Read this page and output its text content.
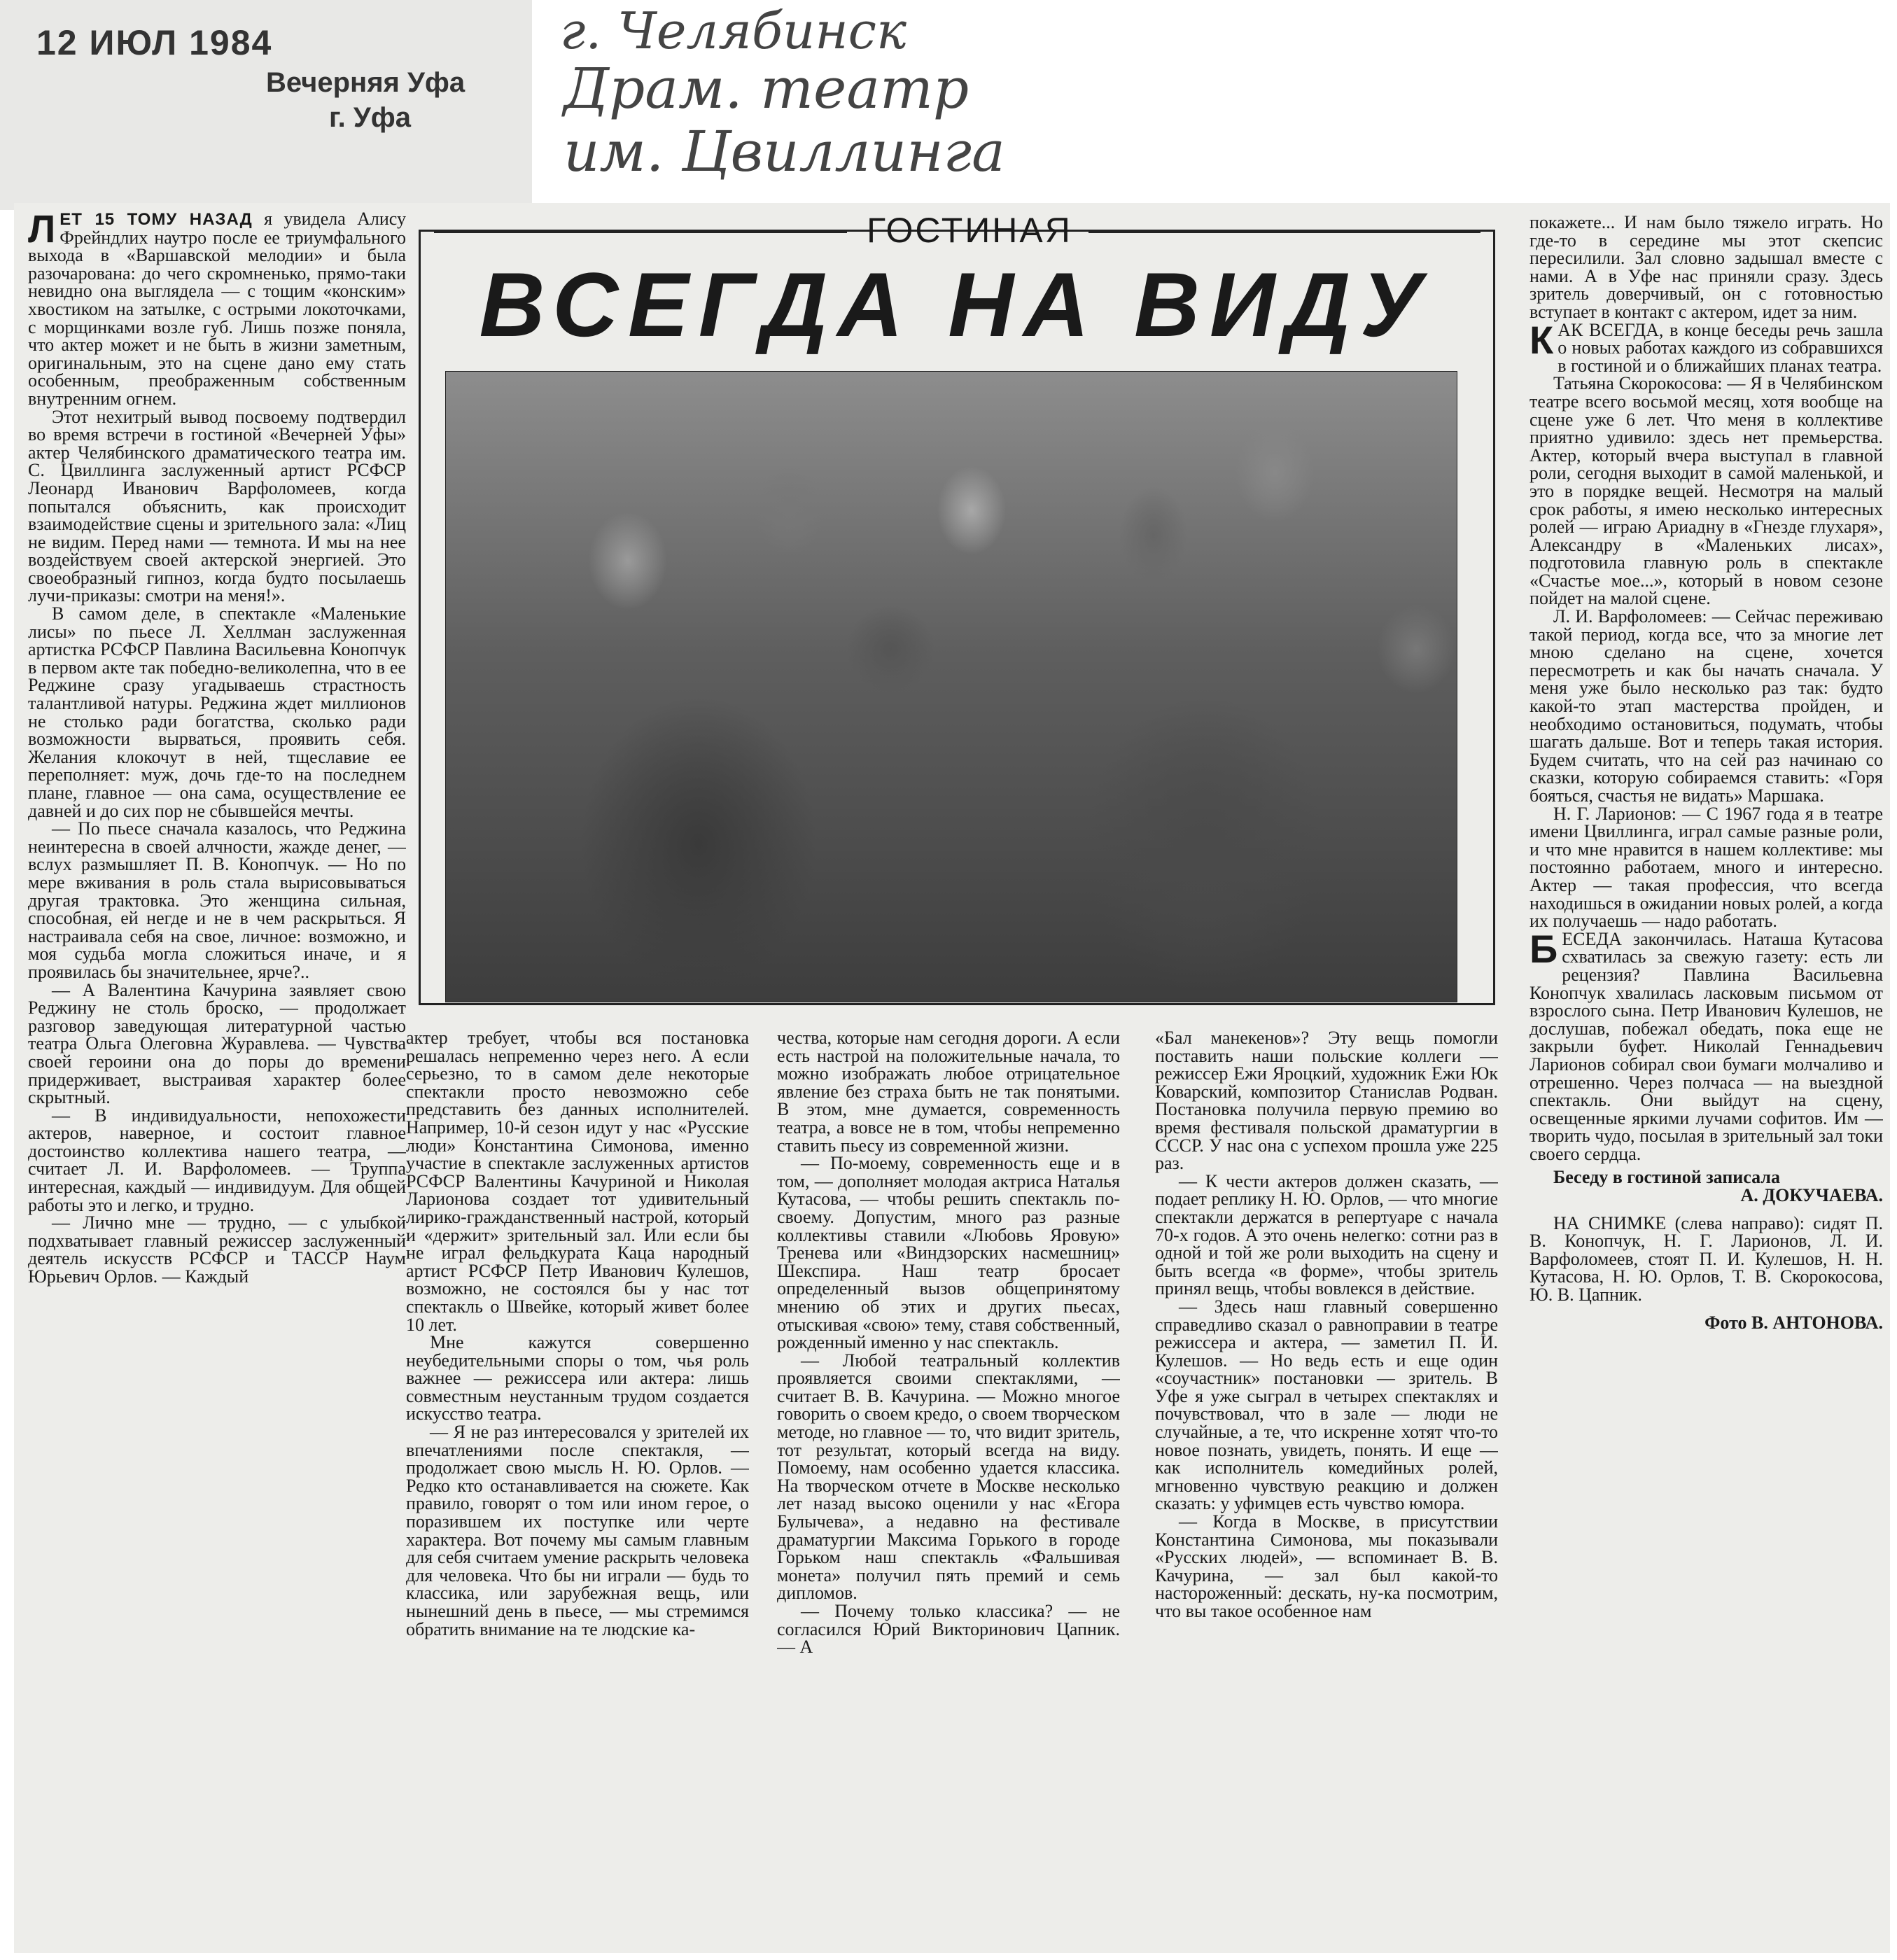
12 ИЮЛ 1984
Вечерняя Уфа
г. Уфа
г. Челябинск
Драм. театр
им. Цвиллинга
ГОСТИНАЯ
ВСЕГДА НА ВИДУ

ЛЕТ 15 ТОМУ НАЗАД я увидела Алису Фрейндлих наутро после ее триумфального выхода в «Варшавской мелодии» и была разочарована: до чего скромненько, прямо-таки невидно она выглядела — с тощим «конским» хвостиком на затылке, с острыми локоточками, с морщинками возле губ. Лишь позже поняла, что актер может и не быть в жизни заметным, оригинальным, это на сцене дано ему стать особенным, преображенным собственным внутренним огнем.

Этот нехитрый вывод посвоему подтвердил во время встречи в гостиной «Вечерней Уфы» актер Челябинского драматического театра им. С. Цвиллинга заслуженный артист РСФСР Леонард Иванович Варфоломеев, когда попытался объяснить, как происходит взаимодействие сцены и зрительного зала: «Лиц не видим. Перед нами — темнота. И мы на нее воздействуем своей актерской энергией. Это своеобразный гипноз, когда будто посылаешь лучи-приказы: смотри на меня!».

В самом деле, в спектакле «Маленькие лисы» по пьесе Л. Хеллман заслуженная артистка РСФСР Павлина Васильевна Конопчук в первом акте так победно-великолепна, что в ее Реджине сразу угадываешь страстность талантливой натуры. Реджина ждет миллионов не столько ради богатства, сколько ради возможности вырваться, проявить себя. Желания клокочут в ней, тщеславие ее переполняет: муж, дочь где-то на последнем плане, главное — она сама, осуществление ее давней и до сих пор не сбывшейся мечты.

— По пьесе сначала казалось, что Реджина неинтересна в своей алчности, жажде денег, — вслух размышляет П. В. Конопчук. — Но по мере вживания в роль стала вырисовываться другая трактовка. Это женщина сильная, способная, ей негде и не в чем раскрыться. Я настраивала себя на свое, личное: возможно, и моя судьба могла сложиться иначе, и я проявилась бы значительнее, ярче?..

— А Валентина Качурина заявляет свою Реджину не столь броско, — продолжает разговор заведующая литературной частью театра Ольга Олеговна Журавлева. — Чувства своей героини она до поры до времени придерживает, выстраивая характер более скрытный.

— В индивидуальности, непохожести актеров, наверное, и состоит главное достоинство коллектива нашего театра, — считает Л. И. Варфоломеев. — Труппа интересная, каждый — индивидуум. Для общей работы это и легко, и трудно.

— Лично мне — трудно, — с улыбкой подхватывает главный режиссер заслуженный деятель искусств РСФСР и ТАССР Наум Юрьевич Орлов. — Каждый

актер требует, чтобы вся постановка решалась непременно через него. А если серьезно, то в самом деле некоторые спектакли просто невозможно себе представить без данных исполнителей. Например, 10-й сезон идут у нас «Русские люди» Константина Симонова, именно участие в спектакле заслуженных артистов РСФСР Валентины Качуриной и Николая Ларионова создает тот удивительный лирико-гражданственный настрой, который и «держит» зрительный зал. Или если бы не играл фельдкурата Каца народный артист РСФСР Петр Иванович Кулешов, возможно, не состоялся бы у нас тот спектакль о Швейке, который живет более 10 лет.

Мне кажутся совершенно неубедительными споры о том, чья роль важнее — режиссера или актера: лишь совместным неустанным трудом создается искусство театра.

— Я не раз интересовался у зрителей их впечатлениями после спектакля, — продолжает свою мысль Н. Ю. Орлов. — Редко кто останавливается на сюжете. Как правило, говорят о том или ином герое, о поразившем их поступке или черте характера. Вот почему мы самым главным для себя считаем умение раскрыть человека для человека. Что бы ни играли — будь то классика, или зарубежная вещь, или нынешний день в пьесе, — мы стремимся обратить внимание на те людские ка-

чества, которые нам сегодня дороги. А если есть настрой на положительные начала, то можно изображать любое отрицательное явление без страха быть не так понятыми. В этом, мне думается, современность театра, а вовсе не в том, чтобы непременно ставить пьесу из современной жизни.

— По-моему, современность еще и в том, — дополняет молодая актриса Наталья Кутасова, — чтобы решить спектакль по-своему. Допустим, много раз разные коллективы ставили «Любовь Яровую» Тренева или «Виндзорских насмешниц» Шекспира. Наш театр бросает определенный вызов общепринятому мнению об этих и других пьесах, отыскивая «свою» тему, ставя собственный, рожденный именно у нас спектакль.

— Любой театральный коллектив проявляется своими спектаклями, — считает В. В. Качурина. — Можно многое говорить о своем кредо, о своем творческом методе, но главное — то, что видит зритель, тот результат, который всегда на виду. Помоему, нам особенно удается классика. На творческом отчете в Москве несколько лет назад высоко оценили у нас «Егора Булычева», а недавно на фестивале драматургии Максима Горького в городе Горьком наш спектакль «Фальшивая монета» получил пять премий и семь дипломов.

— Почему только классика? — не согласился Юрий Викторинович Цапник. — А

«Бал манекенов»? Эту вещь помогли поставить наши польские коллеги — режиссер Ежи Яроцкий, художник Ежи Юк Коварский, композитор Станислав Родван. Постановка получила первую премию во время фестиваля польской драматургии в СССР. У нас она с успехом прошла уже 225 раз.

— К чести актеров должен сказать, — подает реплику Н. Ю. Орлов, — что многие спектакли держатся в репертуаре с начала 70-х годов. А это очень нелегко: сотни раз в одной и той же роли выходить на сцену и быть всегда «в форме», чтобы зритель принял вещь, чтобы вовлекся в действие.

— Здесь наш главный совершенно справедливо сказал о равноправии в театре режиссера и актера, — заметил П. И. Кулешов. — Но ведь есть и еще один «соучастник» постановки — зритель. В Уфе я уже сыграл в четырех спектаклях и почувствовал, что в зале — люди не случайные, а те, что искренне хотят что-то новое познать, увидеть, понять. И еще — как исполнитель комедийных ролей, мгновенно чувствую реакцию и должен сказать: у уфимцев есть чувство юмора.

— Когда в Москве, в присутствии Константина Симонова, мы показывали «Русских людей», — вспоминает В. В. Качурина, — зал был какой-то настороженный: дескать, ну-ка посмотрим, что вы такое особенное нам

покажете... И нам было тяжело играть. Но где-то в середине мы этот скепсис пересилили. Зал словно задышал вместе с нами. А в Уфе нас приняли сразу. Здесь зритель доверчивый, он с готовностью вступает в контакт с актером, идет за ним.

КАК ВСЕГДА, в конце беседы речь зашла о новых работах каждого из собравшихся в гостиной и о ближайших планах театра.

Татьяна Скорокосова: — Я в Челябинском театре всего восьмой месяц, хотя вообще на сцене уже 6 лет. Что меня в коллективе приятно удивило: здесь нет премьерства. Актер, который вчера выступал в главной роли, сегодня выходит в самой маленькой, и это в порядке вещей. Несмотря на малый срок работы, я имею несколько интересных ролей — играю Ариадну в «Гнезде глухаря», Александру в «Маленьких лисах», подготовила главную роль в спектакле «Счастье мое...», который в новом сезоне пойдет на малой сцене.

Л. И. Варфоломеев: — Сейчас переживаю такой период, когда все, что за многие лет мною сделано на сцене, хочется пересмотреть и как бы начать сначала. У меня уже было несколько раз так: будто какой-то этап мастерства пройден, и необходимо остановиться, подумать, чтобы шагать дальше. Вот и теперь такая история. Будем считать, что на сей раз начинаю со сказки, которую собираемся ставить: «Горя бояться, счастья не видать» Маршака.

Н. Г. Ларионов: — С 1967 года я в театре имени Цвиллинга, играл самые разные роли, и что мне нравится в нашем коллективе: мы постоянно работаем, много и интересно. Актер — такая профессия, что всегда находишься в ожидании новых ролей, а когда их получаешь — надо работать.

БЕСЕДА закончилась. Наташа Кутасова схватилась за свежую газету: есть ли рецензия? Павлина Васильевна Конопчук хвалилась ласковым письмом от взрослого сына. Петр Иванович Кулешов, не дослушав, побежал обедать, пока еще не закрыли буфет. Николай Геннадьевич Ларионов собирал свои бумаги молчаливо и отрешенно. Через полчаса — на выездной спектакль. Они выйдут на сцену, освещенные яркими лучами софитов. Им — творить чудо, посылая в зрительный зал токи своего сердца.

Беседу в гостиной записала

А. ДОКУЧАЕВА.

НА СНИМКЕ (слева направо): сидят П. В. Конопчук, Н. Г. Ларионов, Л. И. Варфоломеев, стоят П. И. Кулешов, Н. Н. Кутасова, Н. Ю. Орлов, Т. В. Скорокосова, Ю. В. Цапник.

Фото В. АНТОНОВА.
